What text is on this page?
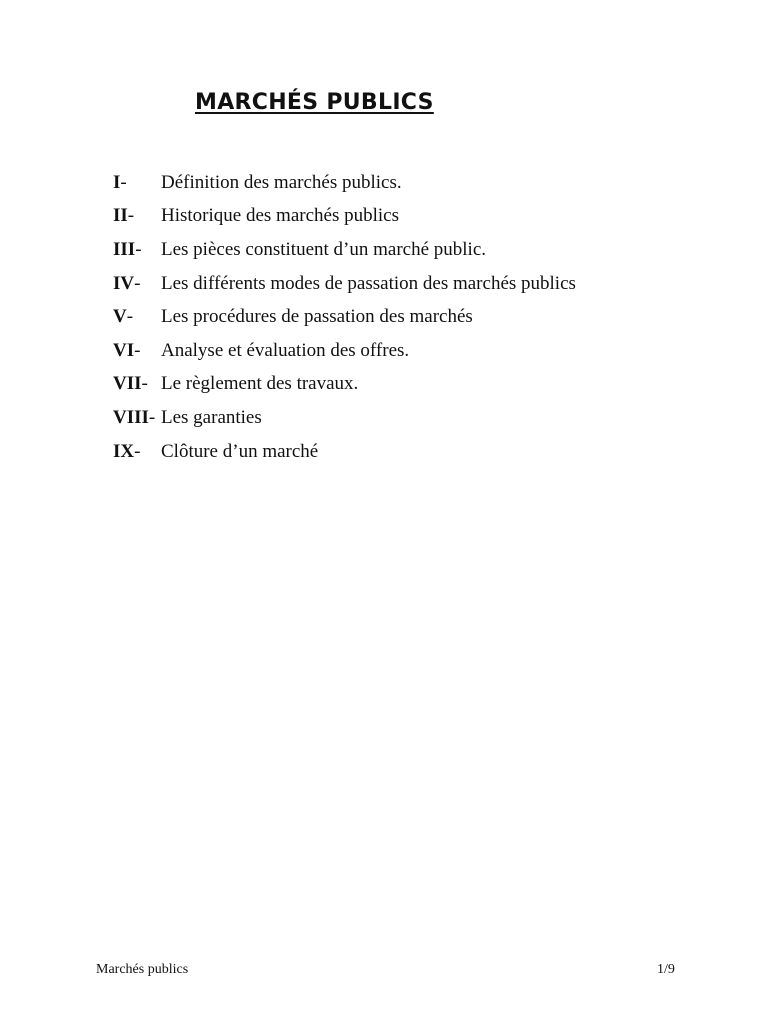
MARCHÉS PUBLICS
I-	Définition des marchés publics.
II-	Historique des marchés publics
III-	Les pièces constituent d’un marché public.
IV-	Les différents modes de passation des marchés publics
V-	Les procédures de passation des marchés
VI-	Analyse et évaluation des offres.
VII- Le règlement des travaux.
VIII- Les garanties
IX-	Clôture d’un marché
Marchés publics	1/9
